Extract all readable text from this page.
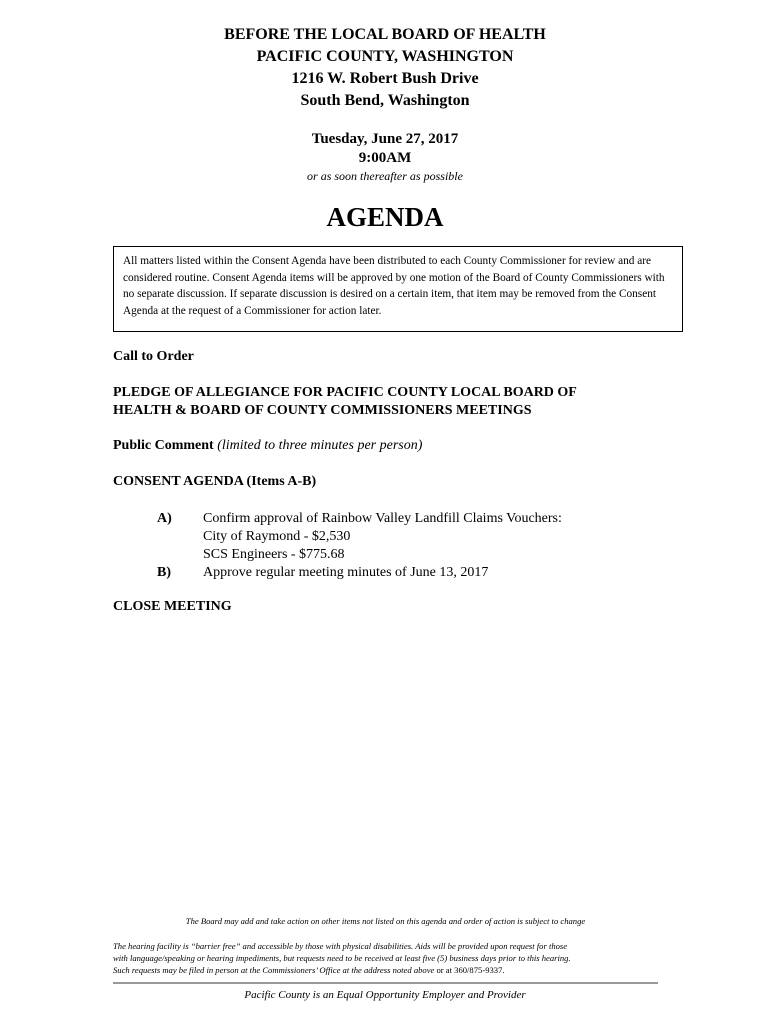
BEFORE THE LOCAL BOARD OF HEALTH
PACIFIC COUNTY, WASHINGTON
1216 W. Robert Bush Drive
South Bend, Washington
Tuesday, June 27, 2017
9:00AM
or as soon thereafter as possible
AGENDA
All matters listed within the Consent Agenda have been distributed to each County Commissioner for review and are considered routine. Consent Agenda items will be approved by one motion of the Board of County Commissioners with no separate discussion. If separate discussion is desired on a certain item, that item may be removed from the Consent Agenda at the request of a Commissioner for action later.
Call to Order
PLEDGE OF ALLEGIANCE FOR PACIFIC COUNTY LOCAL BOARD OF
HEALTH & BOARD OF COUNTY COMMISSIONERS MEETINGS
Public Comment (limited to three minutes per person)
CONSENT AGENDA (Items A-B)
A)	Confirm approval of Rainbow Valley Landfill Claims Vouchers:
City of Raymond - $2,530
SCS Engineers - $775.68
B)	Approve regular meeting minutes of June 13, 2017
CLOSE MEETING
The Board may add and take action on other items not listed on this agenda and order of action is subject to change
The hearing facility is “barrier free” and accessible by those with physical disabilities. Aids will be provided upon request for those
with language/speaking or hearing impediments, but requests need to be received at least five (5) business days prior to this hearing.
Such requests may be filed in person at the Commissioners’ Office at the address noted above or at 360/875-9337.
Pacific County is an Equal Opportunity Employer and Provider
